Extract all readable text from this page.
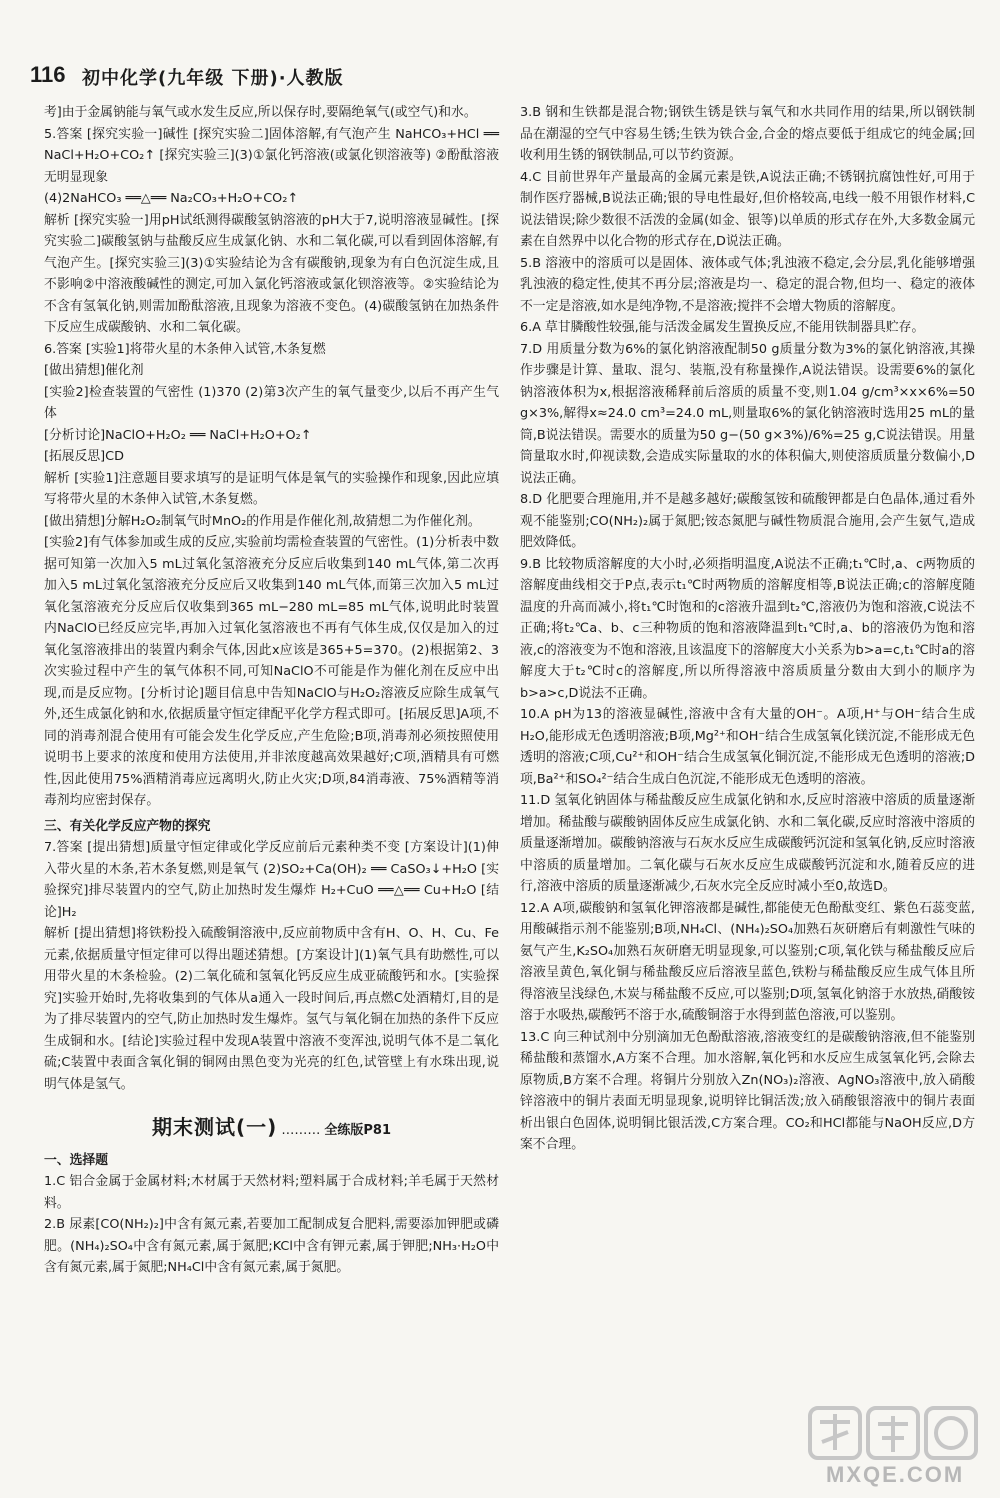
116 初中化学(九年级 下册)·人教版

考]由于金属钠能与氧气或水发生反应,所以保存时,要隔绝氧气(或空气)和水。

5.答案 [探究实验一]碱性 [探究实验二]固体溶解,有气泡产生 NaHCO₃+HCl ══ NaCl+H₂O+CO₂↑ [探究实验三](3)①氯化钙溶液(或氯化钡溶液等) ②酚酞溶液 无明显现象

(4)2NaHCO₃ ══△══ Na₂CO₃+H₂O+CO₂↑

解析 [探究实验一]用pH试纸测得碳酸氢钠溶液的pH大于7,说明溶液显碱性。[探究实验二]碳酸氢钠与盐酸反应生成氯化钠、水和二氧化碳,可以看到固体溶解,有气泡产生。[探究实验三](3)①实验结论为含有碳酸钠,现象为有白色沉淀生成,且不影响②中溶液酸碱性的测定,可加入氯化钙溶液或氯化钡溶液等。②实验结论为不含有氢氧化钠,则需加酚酞溶液,且现象为溶液不变色。(4)碳酸氢钠在加热条件下反应生成碳酸钠、水和二氧化碳。

6.答案 [实验1]将带火星的木条伸入试管,木条复燃

[做出猜想]催化剂

[实验2]检查装置的气密性 (1)370 (2)第3次产生的氧气量变少,以后不再产生气体

[分析讨论]NaClO+H₂O₂ ══ NaCl+H₂O+O₂↑

[拓展反思]CD

解析 [实验1]注意题目要求填写的是证明气体是氧气的实验操作和现象,因此应填写将带火星的木条伸入试管,木条复燃。

[做出猜想]分解H₂O₂制氧气时MnO₂的作用是作催化剂,故猜想二为作催化剂。

[实验2]有气体参加或生成的反应,实验前均需检查装置的气密性。(1)分析表中数据可知第一次加入5 mL过氧化氢溶液充分反应后收集到140 mL气体,第二次再加入5 mL过氧化氢溶液充分反应后又收集到140 mL气体,而第三次加入5 mL过氧化氢溶液充分反应后仅收集到365 mL−280 mL=85 mL气体,说明此时装置内NaClO已经反应完毕,再加入过氧化氢溶液也不再有气体生成,仅仅是加入的过氧化氢溶液排出的装置内剩余气体,因此x应该是365+5=370。(2)根据第2、3次实验过程中产生的氧气体积不同,可知NaClO不可能是作为催化剂在反应中出现,而是反应物。[分析讨论]题目信息中告知NaClO与H₂O₂溶液反应除生成氧气外,还生成氯化钠和水,依据质量守恒定律配平化学方程式即可。[拓展反思]A项,不同的消毒剂混合使用有可能会发生化学反应,产生危险;B项,消毒剂必须按照使用说明书上要求的浓度和使用方法使用,并非浓度越高效果越好;C项,酒精具有可燃性,因此使用75%酒精消毒应远离明火,防止火灾;D项,84消毒液、75%酒精等消毒剂均应密封保存。

三、有关化学反应产物的探究

7.答案 [提出猜想]质量守恒定律或化学反应前后元素种类不变 [方案设计](1)伸入带火星的木条,若木条复燃,则是氧气 (2)SO₂+Ca(OH)₂ ══ CaSO₃↓+H₂O [实验探究]排尽装置内的空气,防止加热时发生爆炸 H₂+CuO ══△══ Cu+H₂O [结论]H₂

解析 [提出猜想]将铁粉投入硫酸铜溶液中,反应前物质中含有H、O、H、Cu、Fe元素,依据质量守恒定律可以得出题述猜想。[方案设计](1)氧气具有助燃性,可以用带火星的木条检验。(2)二氧化硫和氢氧化钙反应生成亚硫酸钙和水。[实验探究]实验开始时,先将收集到的气体从a通入一段时间后,再点燃C处酒精灯,目的是为了排尽装置内的空气,防止加热时发生爆炸。氢气与氧化铜在加热的条件下反应生成铜和水。[结论]实验过程中发现A装置中溶液不变浑浊,说明气体不是二氧化硫;C装置中表面含氧化铜的铜网由黑色变为光亮的红色,试管壁上有水珠出现,说明气体是氢气。

期末测试(一) ……… 全练版P81

一、选择题

1.C 铝合金属于金属材料;木材属于天然材料;塑料属于合成材料;羊毛属于天然材料。

2.B 尿素[CO(NH₂)₂]中含有氮元素,若要加工配制成复合肥料,需要添加钾肥或磷肥。(NH₄)₂SO₄中含有氮元素,属于氮肥;KCl中含有钾元素,属于钾肥;NH₃·H₂O中含有氮元素,属于氮肥;NH₄Cl中含有氮元素,属于氮肥。

3.B 钢和生铁都是混合物;钢铁生锈是铁与氧气和水共同作用的结果,所以钢铁制品在潮湿的空气中容易生锈;生铁为铁合金,合金的熔点要低于组成它的纯金属;回收利用生锈的钢铁制品,可以节约资源。

4.C 目前世界年产量最高的金属元素是铁,A说法正确;不锈钢抗腐蚀性好,可用于制作医疗器械,B说法正确;银的导电性最好,但价格较高,电线一般不用银作材料,C说法错误;除少数很不活泼的金属(如金、银等)以单质的形式存在外,大多数金属元素在自然界中以化合物的形式存在,D说法正确。

5.B 溶液中的溶质可以是固体、液体或气体;乳浊液不稳定,会分层,乳化能够增强乳浊液的稳定性,使其不再分层;溶液是均一、稳定的混合物,但均一、稳定的液体不一定是溶液,如水是纯净物,不是溶液;搅拌不会增大物质的溶解度。

6.A 草甘膦酸性较强,能与活泼金属发生置换反应,不能用铁制器具贮存。

7.D 用质量分数为6%的氯化钠溶液配制50 g质量分数为3%的氯化钠溶液,其操作步骤是计算、量取、混匀、装瓶,没有称量操作,A说法错误。设需要6%的氯化钠溶液体积为x,根据溶液稀释前后溶质的质量不变,则1.04 g/cm³×x×6%=50 g×3%,解得x≈24.0 cm³=24.0 mL,则量取6%的氯化钠溶液时选用25 mL的量筒,B说法错误。需要水的质量为50 g−(50 g×3%)/6%=25 g,C说法错误。用量筒量取水时,仰视读数,会造成实际量取的水的体积偏大,则使溶质质量分数偏小,D说法正确。

8.D 化肥要合理施用,并不是越多越好;碳酸氢铵和硫酸钾都是白色晶体,通过看外观不能鉴别;CO(NH₂)₂属于氮肥;铵态氮肥与碱性物质混合施用,会产生氨气,造成肥效降低。

9.B 比较物质溶解度的大小时,必须指明温度,A说法不正确;t₁℃时,a、c两物质的溶解度曲线相交于P点,表示t₁℃时两物质的溶解度相等,B说法正确;c的溶解度随温度的升高而减小,将t₁℃时饱和的c溶液升温到t₂℃,溶液仍为饱和溶液,C说法不正确;将t₂℃a、b、c三种物质的饱和溶液降温到t₁℃时,a、b的溶液仍为饱和溶液,c的溶液变为不饱和溶液,且该温度下的溶解度大小关系为b>a=c,t₁℃时a的溶解度大于t₂℃时c的溶解度,所以所得溶液中溶质质量分数由大到小的顺序为b>a>c,D说法不正确。

10.A pH为13的溶液显碱性,溶液中含有大量的OH⁻。A项,H⁺与OH⁻结合生成H₂O,能形成无色透明溶液;B项,Mg²⁺和OH⁻结合生成氢氧化镁沉淀,不能形成无色透明的溶液;C项,Cu²⁺和OH⁻结合生成氢氧化铜沉淀,不能形成无色透明的溶液;D项,Ba²⁺和SO₄²⁻结合生成白色沉淀,不能形成无色透明的溶液。

11.D 氢氧化钠固体与稀盐酸反应生成氯化钠和水,反应时溶液中溶质的质量逐渐增加。稀盐酸与碳酸钠固体反应生成氯化钠、水和二氧化碳,反应时溶液中溶质的质量逐渐增加。碳酸钠溶液与石灰水反应生成碳酸钙沉淀和氢氧化钠,反应时溶液中溶质的质量增加。二氧化碳与石灰水反应生成碳酸钙沉淀和水,随着反应的进行,溶液中溶质的质量逐渐减少,石灰水完全反应时减小至0,故选D。

12.A A项,碳酸钠和氢氧化钾溶液都是碱性,都能使无色酚酞变红、紫色石蕊变蓝,用酸碱指示剂不能鉴别;B项,NH₄Cl、(NH₄)₂SO₄加熟石灰研磨后有刺激性气味的氨气产生,K₂SO₄加熟石灰研磨无明显现象,可以鉴别;C项,氧化铁与稀盐酸反应后溶液呈黄色,氧化铜与稀盐酸反应后溶液呈蓝色,铁粉与稀盐酸反应生成气体且所得溶液呈浅绿色,木炭与稀盐酸不反应,可以鉴别;D项,氢氧化钠溶于水放热,硝酸铵溶于水吸热,碳酸钙不溶于水,硫酸铜溶于水得到蓝色溶液,可以鉴别。

13.C 向三种试剂中分别滴加无色酚酞溶液,溶液变红的是碳酸钠溶液,但不能鉴别稀盐酸和蒸馏水,A方案不合理。加水溶解,氧化钙和水反应生成氢氧化钙,会除去原物质,B方案不合理。将铜片分别放入Zn(NO₃)₂溶液、AgNO₃溶液中,放入硝酸锌溶液中的铜片表面无明显现象,说明锌比铜活泼;放入硝酸银溶液中的铜片表面析出银白色固体,说明铜比银活泼,C方案合理。CO₂和HCl都能与NaOH反应,D方案不合理。

MXQE.COM
